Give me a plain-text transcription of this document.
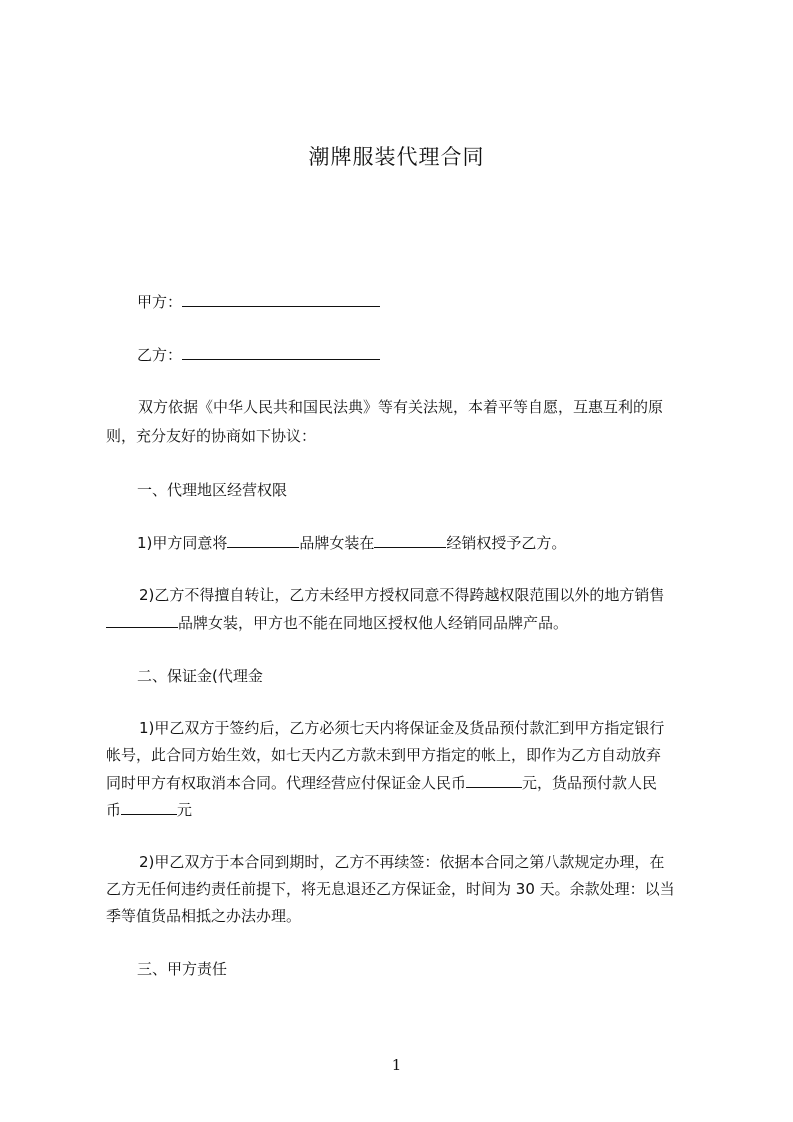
潮牌服装代理合同
甲方：
乙方：
双方依据《中华人民共和国民法典》等有关法规，本着平等自愿，互惠互利的原
则，充分友好的协商如下协议：
一、代理地区经营权限
1)甲方同意将	品牌女装在	经销权授予乙方。
2)乙方不得擅自转让，乙方未经甲方授权同意不得跨越权限范围以外的地方销售
品牌女装，甲方也不能在同地区授权他人经销同品牌产品。
二、保证金(代理金
1)甲乙双方于签约后，乙方必须七天内将保证金及货品预付款汇到甲方指定银行
帐号，此合同方始生效，如七天内乙方款未到甲方指定的帐上，即作为乙方自动放弃
同时甲方有权取消本合同。代理经营应付保证金人民币	元，货品预付款人民
币	元
2)甲乙双方于本合同到期时，乙方不再续签：依据本合同之第八款规定办理，在
乙方无任何违约责任前提下，将无息退还乙方保证金，时间为 30 天。余款处理：以当
季等值货品相抵之办法办理。
三、甲方责任
1
